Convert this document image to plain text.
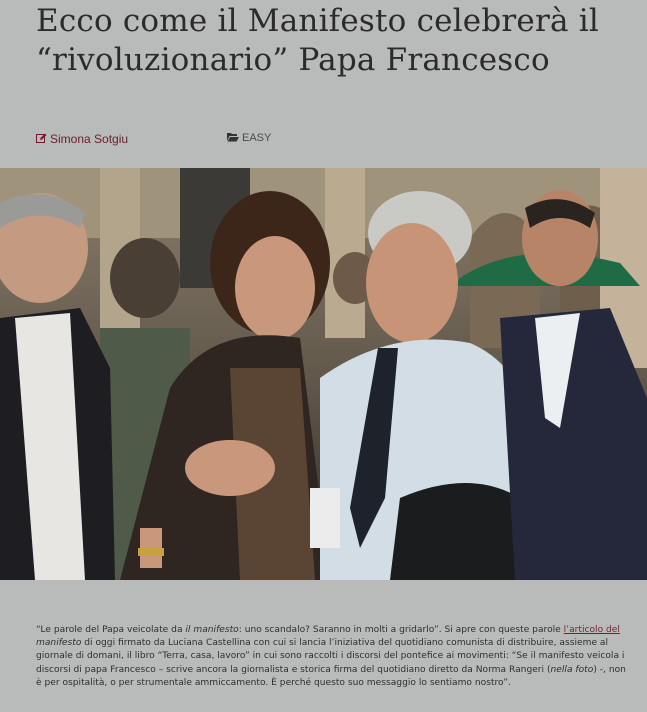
Ecco come il Manifesto celebrerà il “rivoluzionario” Papa Francesco
Simona Sotgiu	EASY

“Le parole del Papa veicolate da il manifesto: uno scandalo? Saranno in molti a gridarlo”. Si apre con queste parole l’articolo del manifesto di oggi firmato da Luciana Castellina con cui si lancia l’iniziativa del quotidiano comunista di distribuire, assieme al giornale di domani, il libro “Terra, casa, lavoro” in cui sono raccolti i discorsi del pontefice ai movimenti: “Se il manifesto veicola i discorsi di papa Francesco – scrive ancora la giornalista e storica firma del quotidiano diretto da Norma Rangeri (nella foto) -, non è per ospitalità, o per strumentale ammiccamento. È perché questo suo messaggio lo sentiamo nostro”.
